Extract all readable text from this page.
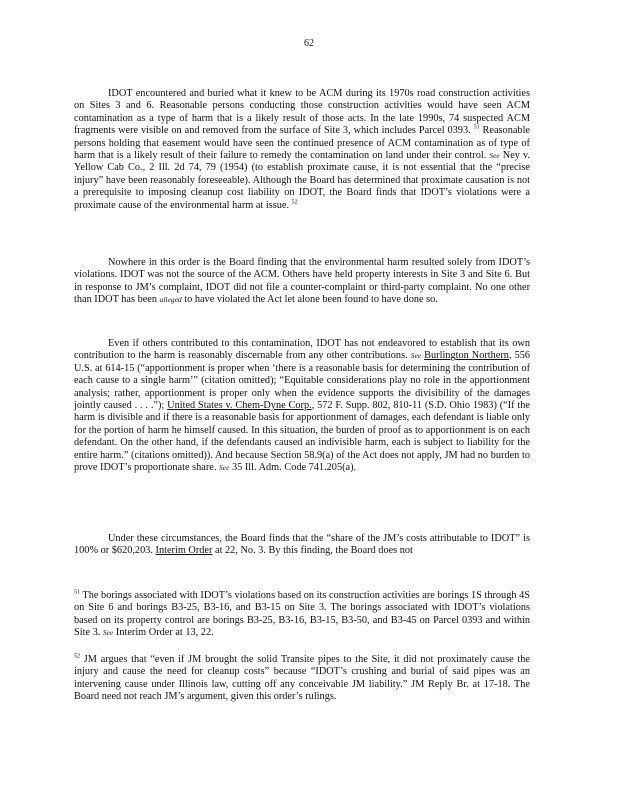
62

IDOT encountered and buried what it knew to be ACM during its 1970s road construction activities on Sites 3 and 6. Reasonable persons conducting those construction activities would have seen ACM contamination as a type of harm that is a likely result of those acts. In the late 1990s, 74 suspected ACM fragments were visible on and removed from the surface of Site 3, which includes Parcel 0393. $^{51}$ Reasonable persons holding that easement would have seen the continued presence of ACM contamination as of type of harm that is a likely result of their failure to remedy the contamination on land under their control. See Ney v. Yellow Cab Co., 2 Ill. 2d 74, 79 (1954) (to establish proximate cause, it is not essential that the “precise injury” have been reasonably foreseeable). Although the Board has determined that proximate causation is not a prerequisite to imposing cleanup cost liability on IDOT, the Board finds that IDOT’s violations were a proximate cause of the environmental harm at issue. $^{52}$

Nowhere in this order is the Board finding that the environmental harm resulted solely from IDOT’s violations. IDOT was not the source of the ACM. Others have held property interests in Site 3 and Site 6. But in response to JM’s complaint, IDOT did not file a counter-complaint or third-party complaint. No one other than IDOT has been alleged to have violated the Act let alone been found to have done so.

Even if others contributed to this contamination, IDOT has not endeavored to establish that its own contribution to the harm is reasonably discernable from any other contributions. See Burlington Northern, 556 U.S. at 614-15 (“apportionment is proper when ‘there is a reasonable basis for determining the contribution of each cause to a single harm’” (citation omitted); “Equitable considerations play no role in the apportionment analysis; rather, apportionment is proper only when the evidence supports the divisibility of the damages jointly caused . . . .”); United States v. Chem-Dyne Corp., 572 F. Supp. 802, 810-11 (S.D. Ohio 1983) (“If the harm is divisible and if there is a reasonable basis for apportionment of damages, each defendant is liable only for the portion of harm he himself caused. In this situation, the burden of proof as to apportionment is on each defendant. On the other hand, if the defendants caused an indivisible harm, each is subject to liability for the entire harm.” (citations omitted)). And because Section 58.9(a) of the Act does not apply, JM had no burden to prove IDOT’s proportionate share. See 35 Ill. Adm. Code 741.205(a).

Under these circumstances, the Board finds that the “share of the JM’s costs attributable to IDOT” is 100% or $620,203. Interim Order at 22, No. 3. By this finding, the Board does not

$^{51}$ The borings associated with IDOT’s violations based on its construction activities are borings 1S through 4S on Site 6 and borings B3-25, B3-16, and B3-15 on Site 3. The borings associated with IDOT’s violations based on its property control are borings B3-25, B3-16, B3-15, B3-50, and B3-45 on Parcel 0393 and within Site 3. See Interim Order at 13, 22.

$^{52}$ JM argues that “even if JM brought the solid Transite pipes to the Site, it did not proximately cause the injury and cause the need for cleanup costs” because “IDOT’s crushing and burial of said pipes was an intervening cause under Illinois law, cutting off any conceivable JM liability.” JM Reply Br. at 17-18. The Board need not reach JM’s argument, given this order’s rulings.
